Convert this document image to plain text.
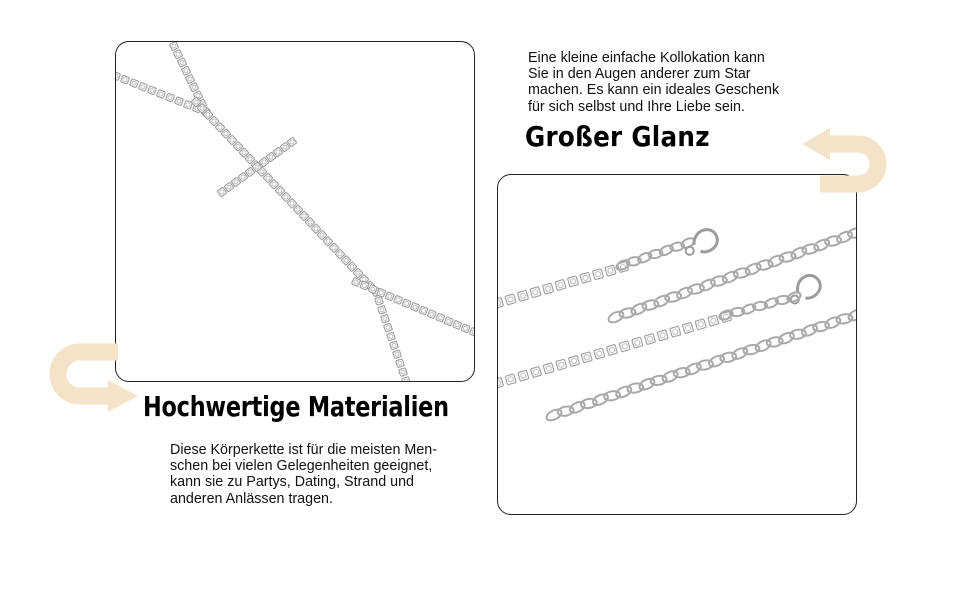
Hochwertige Materialien
Großer Glanz

Diese Körperkette ist für die meisten Men-
schen bei vielen Gelegenheiten geeignet,
kann sie zu Partys, Dating, Strand und
anderen Anlässen tragen.

Eine kleine einfache Kollokation kann
Sie in den Augen anderer zum Star
machen. Es kann ein ideales Geschenk
für sich selbst und Ihre Liebe sein.
